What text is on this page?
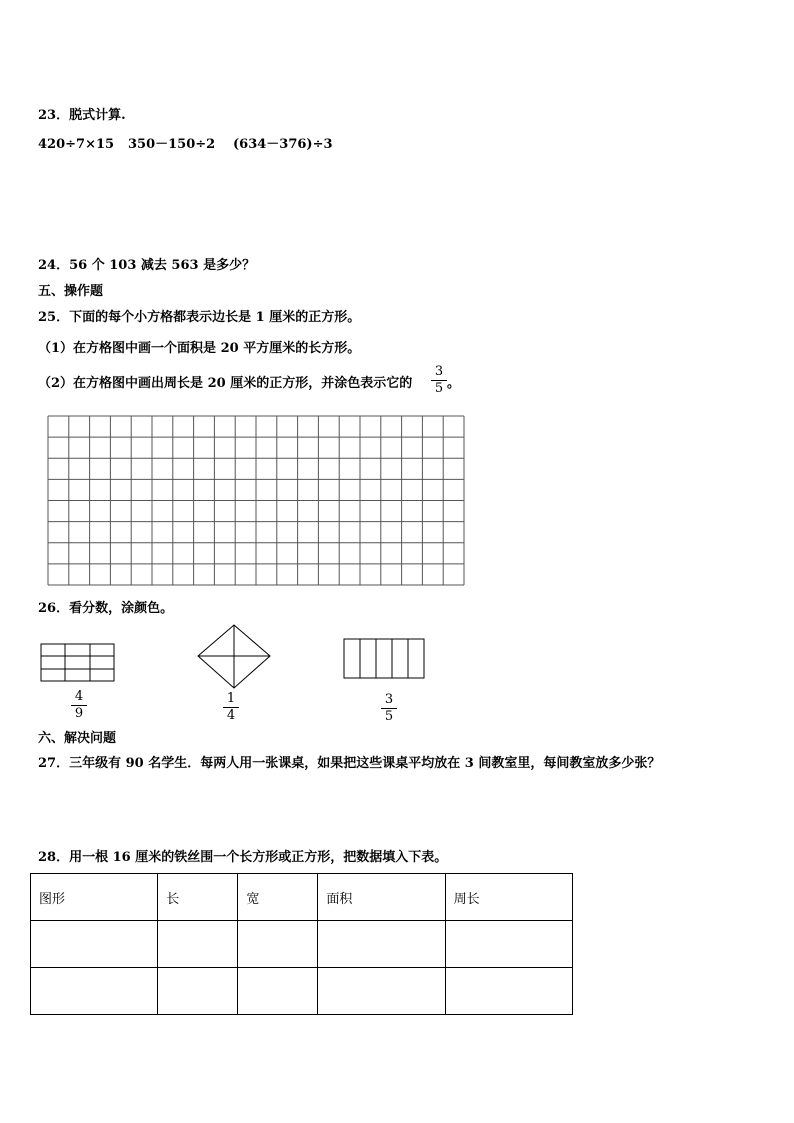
23．脱式计算.
420÷7×15 350－150÷2 (634－376)÷3
24．56 个 103 减去 563 是多少？
五、操作题
25．下面的每个小方格都表示边长是 1 厘米的正方形。
（1）在方格图中画一个面积是 20 平方厘米的长方形。
（2）在方格图中画出周长是 20 厘米的正方形，并涂色表示它的
3
5 。
26．看分数，涂颜色。
4
9
1
4
3
5
六、解决问题
27．三年级有 90 名学生．每两人用一张课桌，如果把这些课桌平均放在 3 间教室里，每间教室放多少张？
28．用一根 16 厘米的铁丝围一个长方形或正方形，把数据填入下表。
图形	长	宽	面积	周长
